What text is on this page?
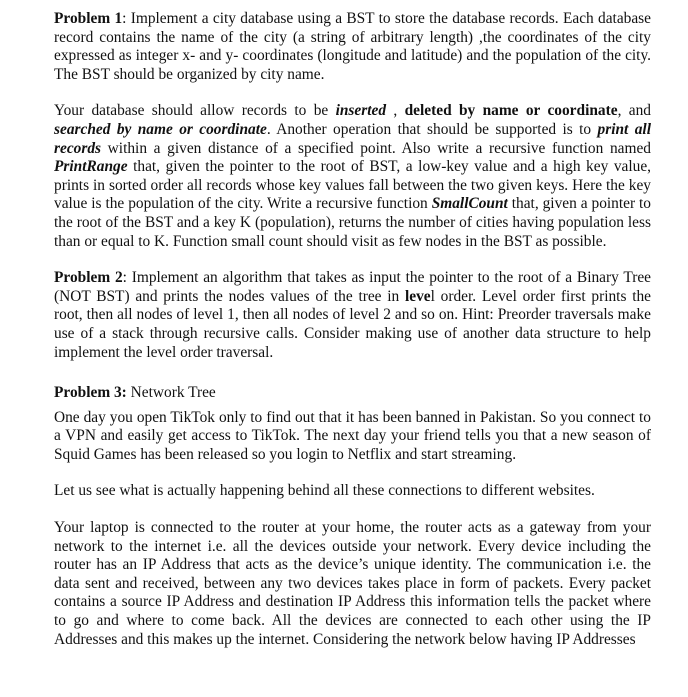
Problem 1: Implement a city database using a BST to store the database records. Each database record contains the name of the city (a string of arbitrary length) ,the coordinates of the city expressed as integer x- and y- coordinates (longitude and latitude) and the population of the city. The BST should be organized by city name.

Your database should allow records to be inserted , deleted by name or coordinate, and searched by name or coordinate. Another operation that should be supported is to print all records within a given distance of a specified point. Also write a recursive function named PrintRange that, given the pointer to the root of BST, a low-key value and a high key value, prints in sorted order all records whose key values fall between the two given keys. Here the key value is the population of the city. Write a recursive function SmallCount that, given a pointer to the root of the BST and a key K (population), returns the number of cities having population less than or equal to K. Function small count should visit as few nodes in the BST as possible.

Problem 2: Implement an algorithm that takes as input the pointer to the root of a Binary Tree (NOT BST) and prints the nodes values of the tree in level order. Level order first prints the root, then all nodes of level 1, then all nodes of level 2 and so on. Hint: Preorder traversals make use of a stack through recursive calls. Consider making use of another data structure to help implement the level order traversal.

Problem 3: Network Tree

One day you open TikTok only to find out that it has been banned in Pakistan. So you connect to a VPN and easily get access to TikTok. The next day your friend tells you that a new season of Squid Games has been released so you login to Netflix and start streaming.

Let us see what is actually happening behind all these connections to different websites.

Your laptop is connected to the router at your home, the router acts as a gateway from your network to the internet i.e. all the devices outside your network. Every device including the router has an IP Address that acts as the device’s unique identity. The communication i.e. the data sent and received, between any two devices takes place in form of packets. Every packet contains a source IP Address and destination IP Address this information tells the packet where to go and where to come back. All the devices are connected to each other using the IP Addresses and this makes up the internet. Considering the network below having IP Addresses
